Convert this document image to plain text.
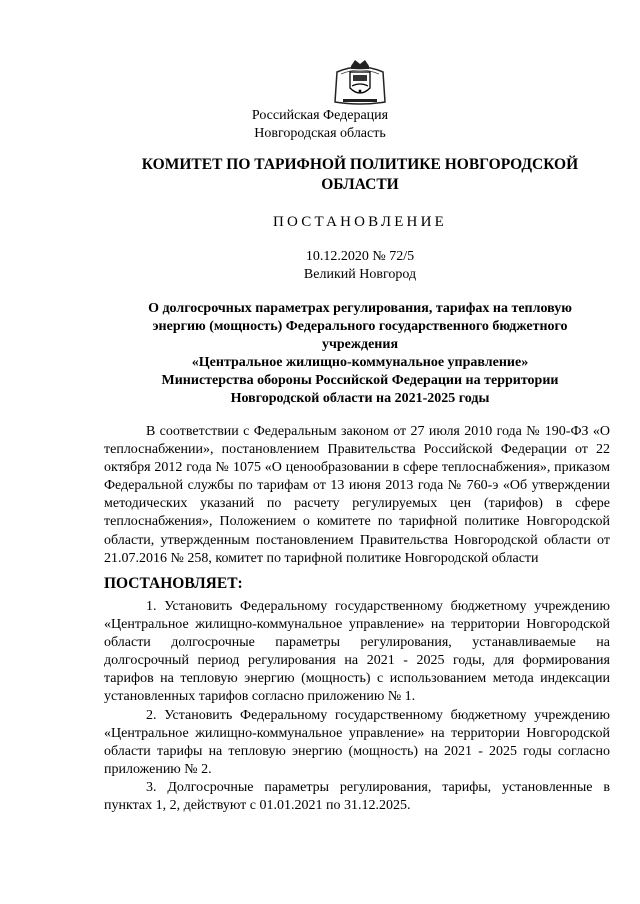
Российская Федерация
Новгородская область
КОМИТЕТ ПО ТАРИФНОЙ ПОЛИТИКЕ НОВГОРОДСКОЙ
ОБЛАСТИ
ПОСТАНОВЛЕНИЕ
10.12.2020 № 72/5
Великий Новгород
О долгосрочных параметрах регулирования, тарифах на тепловую
энергию (мощность) Федерального государственного бюджетного
учреждения
«Центральное жилищно-коммунальное управление»
Министерства обороны Российской Федерации на территории
Новгородской области на 2021-2025 годы
В соответствии с Федеральным законом от 27 июля 2010 года № 190-ФЗ «О теплоснабжении», постановлением Правительства Российской Федерации от 22 октября 2012 года № 1075 «О ценообразовании в сфере теплоснабжения», приказом Федеральной службы по тарифам от 13 июня 2013 года № 760-э «Об утверждении методических указаний по расчету регулируемых цен (тарифов) в сфере теплоснабжения», Положением о комитете по тарифной политике Новгородской области, утвержденным постановлением Правительства Новгородской области от 21.07.2016 № 258, комитет по тарифной политике Новгородской области
ПОСТАНОВЛЯЕТ:

1. Установить Федеральному государственному бюджетному учреждению «Центральное жилищно-коммунальное управление» на территории Новгородской области долгосрочные параметры регулирования, устанавливаемые на долгосрочный период регулирования на 2021 - 2025 годы, для формирования тарифов на тепловую энергию (мощность) с использованием метода индексации установленных тарифов согласно приложению № 1.

2. Установить Федеральному государственному бюджетному учреждению «Центральное жилищно-коммунальное управление» на территории Новгородской области тарифы на тепловую энергию (мощность) на 2021 - 2025 годы согласно приложению № 2.

3. Долгосрочные параметры регулирования, тарифы, установленные в пунктах 1, 2, действуют с 01.01.2021 по 31.12.2025.
